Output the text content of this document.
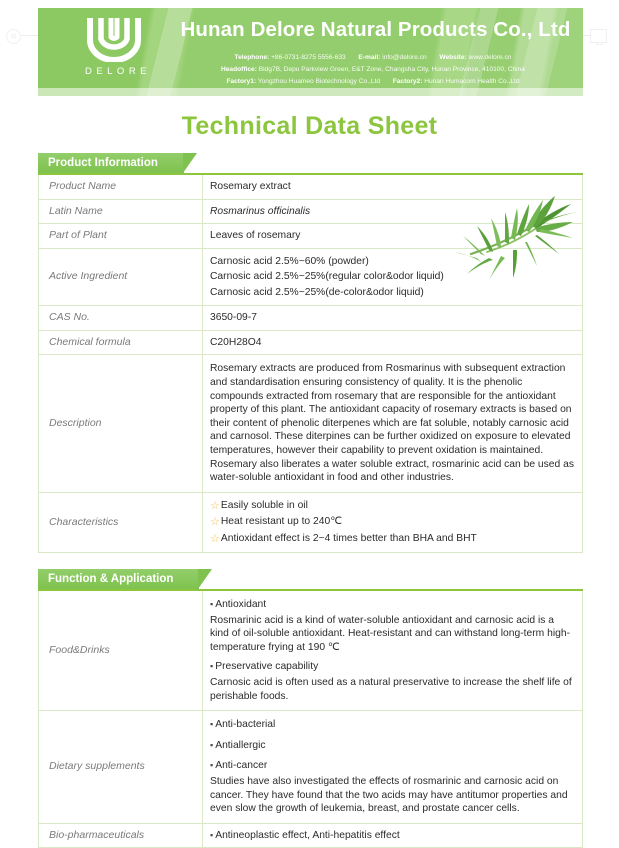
⊟
DELORE
Hunan Delore Natural Products Co., Ltd
Telephone: +86-0731-8275 5556-633 E-mail: info@delore.cn Website: www.delore.cn
Headoffice: Bldg7B, Depu Parkview Green, E&T Zone, Changsha City, Hunan Province, 410100, China
Factory1: Yongzhou Huameo Biotechnology Co.,Ltd Factory2: Hunan Humacom Health Co.,Ltd
Technical Data Sheet
Product Information
Product Name	Rosemary extract
Latin Name	Rosmarinus officinalis
Part of Plant	Leaves of rosemary
Active Ingredient	Carnosic acid 2.5%~60% (powder)
Carnosic acid 2.5%~25%(regular color&odor liquid)
Carnosic acid 2.5%~25%(de-color&odor liquid)

CAS No.	3650-09-7
Chemical formula	C20H28O4
Description	Rosemary extracts are produced from Rosmarinus with subsequent extraction and standardisation ensuring consistency of quality. It is the phenolic compounds extracted from rosemary that are responsible for the antioxidant property of this plant. The antioxidant capacity of rosemary extracts is based on their content of phenolic diterpenes which are fat soluble, notably carnosic acid and carnosol. These diterpines can be further oxidized on exposure to elevated temperatures, however their capability to prevent oxidation is maintained. Rosemary also liberates a water soluble extract, rosmarinic acid can be used as water-soluble antioxidant in food and other industries.
Characteristics	☆Easily soluble in oil
☆Heat resistant up to 240℃
☆Antioxidant effect is 2~4 times better than BHA and BHT
Function & Application
Food&Drinks	▪ Antioxidant
Rosmarinic acid is a kind of water-soluble antioxidant and carnosic acid is a kind of oil-soluble antioxidant. Heat-resistant and can withstand long-term high-temperature frying at 190 ℃
▪ Preservative capability
Carnosic acid is often used as a natural preservative to increase the shelf life of perishable foods.

Dietary supplements	▪ Anti-bacterial
▪ Antiallergic
▪ Anti-cancer
Studies have also investigated the effects of rosmarinic and carnosic acid on cancer. They have found that the two acids may have antitumor properties and even slow the growth of leukemia, breast, and prostate cancer cells.

Bio-pharmaceuticals	▪ Antineoplastic effect, Anti-hepatitis effect
